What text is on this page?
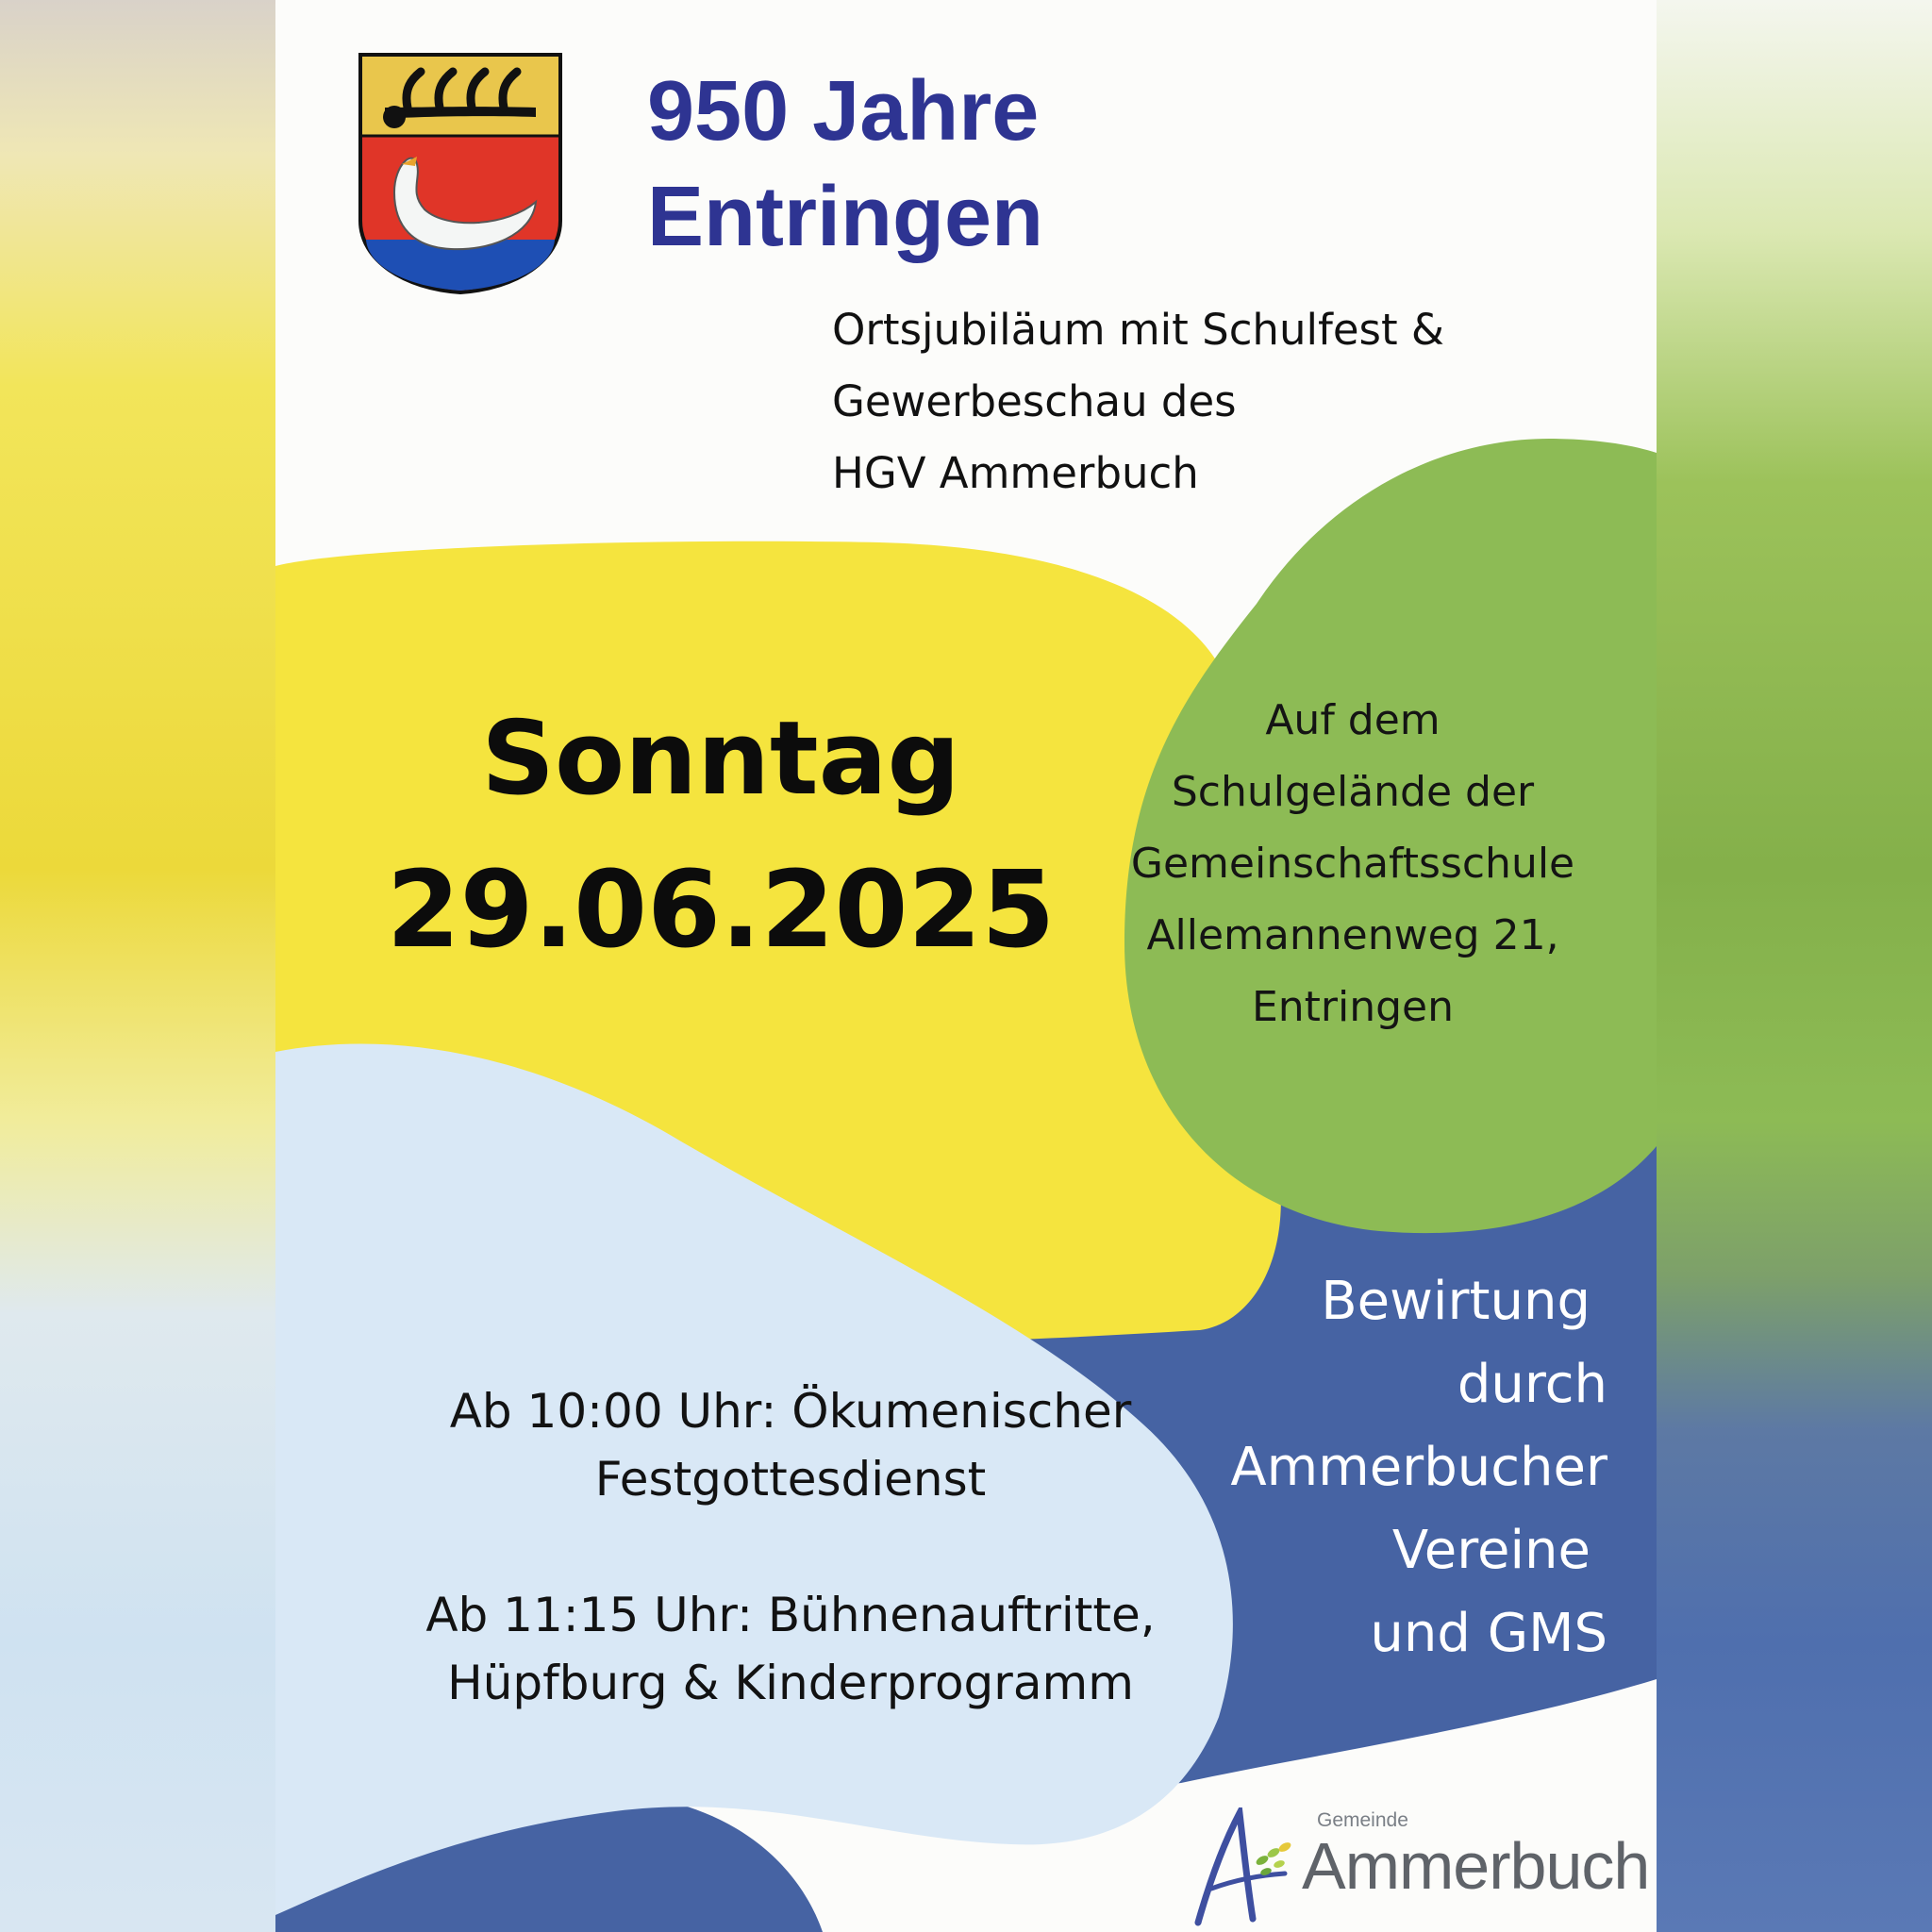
950 Jahre
Entringen

Ortsjubiläum mit Schulfest &
Gewerbeschau des
HGV Ammerbuch

Sonntag
29.06.2025
Auf dem
Schulgelände der
Gemeinschaftsschule
Allemannenweg 21,
Entringen
Bewirtung
durch
Ammerbucher
Vereine
und GMS
Ab 10:00 Uhr: Ökumenischer
Festgottesdienst
Ab 11:15 Uhr: Bühnenauftritte,
Hüpfburg & Kinderprogramm
Gemeinde
Ammerbuch
